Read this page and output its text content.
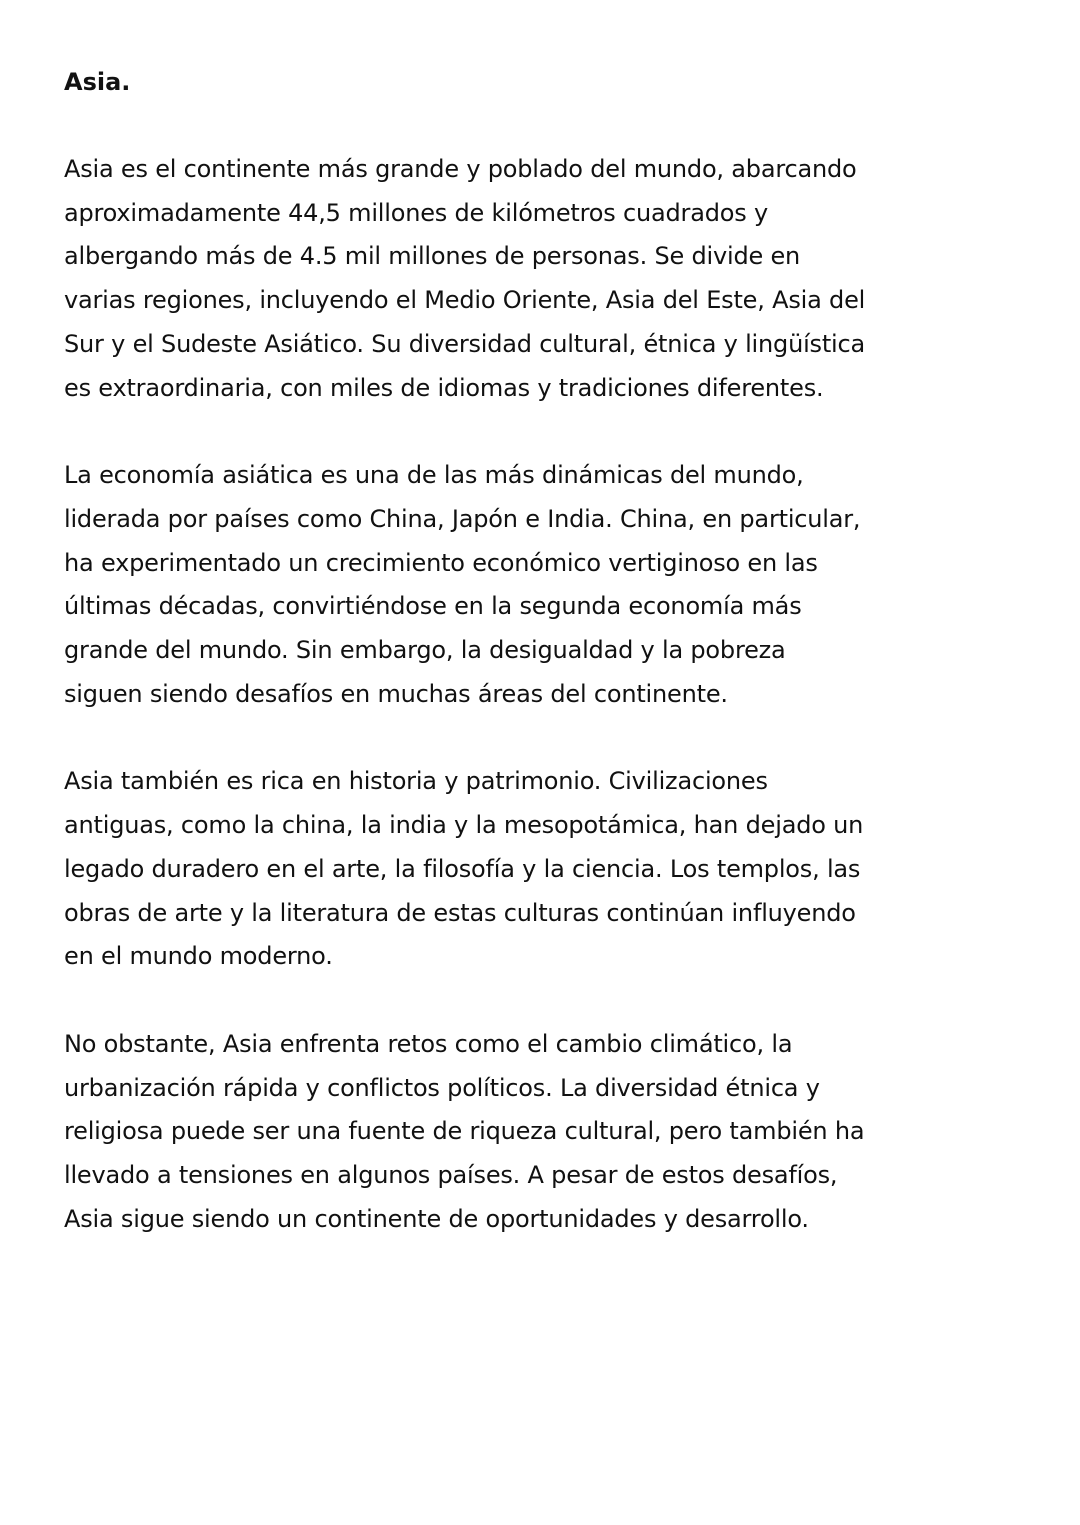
Asia.

Asia es el continente más grande y poblado del mundo, abarcando
aproximadamente 44,5 millones de kilómetros cuadrados y
albergando más de 4.5 mil millones de personas. Se divide en
varias regiones, incluyendo el Medio Oriente, Asia del Este, Asia del
Sur y el Sudeste Asiático. Su diversidad cultural, étnica y lingüística
es extraordinaria, con miles de idiomas y tradiciones diferentes.

La economía asiática es una de las más dinámicas del mundo,
liderada por países como China, Japón e India. China, en particular,
ha experimentado un crecimiento económico vertiginoso en las
últimas décadas, convirtiéndose en la segunda economía más
grande del mundo. Sin embargo, la desigualdad y la pobreza
siguen siendo desafíos en muchas áreas del continente.

Asia también es rica en historia y patrimonio. Civilizaciones
antiguas, como la china, la india y la mesopotámica, han dejado un
legado duradero en el arte, la filosofía y la ciencia. Los templos, las
obras de arte y la literatura de estas culturas continúan influyendo
en el mundo moderno.

No obstante, Asia enfrenta retos como el cambio climático, la
urbanización rápida y conflictos políticos. La diversidad étnica y
religiosa puede ser una fuente de riqueza cultural, pero también ha
llevado a tensiones en algunos países. A pesar de estos desafíos,
Asia sigue siendo un continente de oportunidades y desarrollo.
